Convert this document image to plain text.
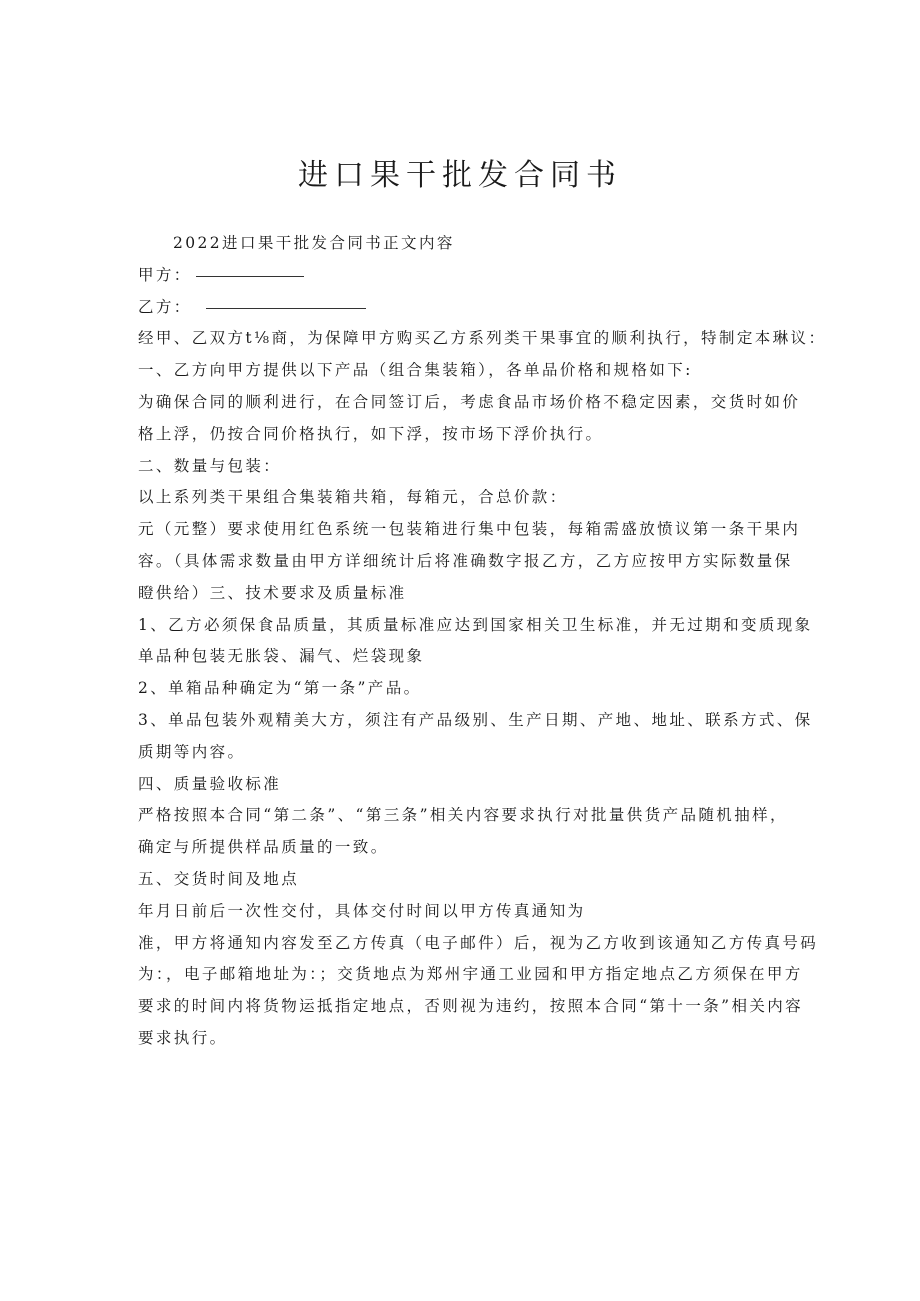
进口果干批发合同书

2022进口果干批发合同书正文内容

甲方：

乙方：

经甲、乙双方t⅛商，为保障甲方购买乙方系列类干果事宜的顺利执行，特制定本琳议：

一、乙方向甲方提供以下产品（组合集装箱），各单品价格和规格如下:

为确保合同的顺利进行，在合同签订后，考虑食品市场价格不稳定因素，交货时如价

格上浮，仍按合同价格执行，如下浮，按市场下浮价执行。

二、数量与包装：

以上系列类干果组合集装箱共箱，每箱元，合总价款：

元（元整）要求使用红色系统一包装箱进行集中包装，每箱需盛放愤议第一条干果内

容。（具体需求数量由甲方详细统计后将准确数字报乙方，乙方应按甲方实际数量保

瞪供给）三、技术要求及质量标准

1、乙方必须保食品质量，其质量标准应达到国家相关卫生标准，并无过期和变质现象

单品种包装无胀袋、漏气、烂袋现象

2、单箱品种确定为“第一条”产品。

3、单品包装外观精美大方，须注有产品级别、生产日期、产地、地址、联系方式、保

质期等内容。

四、质量验收标准

严格按照本合同“第二条”、“第三条”相关内容要求执行对批量供货产品随机抽样，

确定与所提供样品质量的一致。

五、交货时间及地点

年月日前后一次性交付，具体交付时间以甲方传真通知为

准，甲方将通知内容发至乙方传真（电子邮件）后，视为乙方收到该通知乙方传真号码

为：，电子邮箱地址为：；交货地点为郑州宇通工业园和甲方指定地点乙方须保在甲方

要求的时间内将货物运抵指定地点，否则视为违约，按照本合同“第十一条”相关内容

要求执行。
